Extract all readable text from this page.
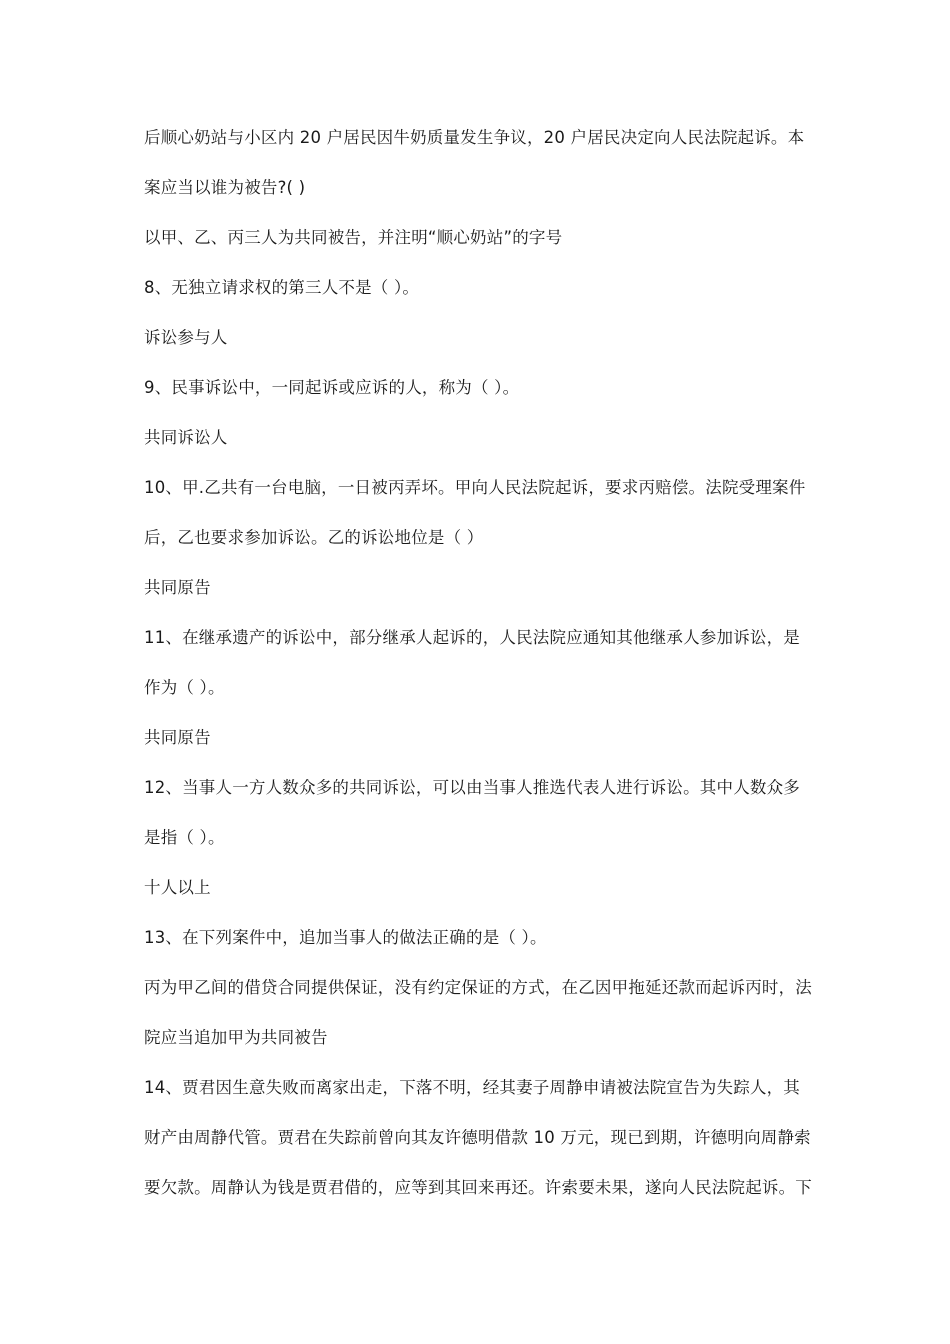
后顺心奶站与小区内 20 户居民因牛奶质量发生争议，20 户居民决定向人民法院起诉。本
案应当以谁为被告?( )
以甲、乙、丙三人为共同被告，并注明“顺心奶站”的字号
8、无独立请求权的第三人不是（ ）。
诉讼参与人
9、民事诉讼中，一同起诉或应诉的人，称为（ ）。
共同诉讼人
10、甲.乙共有一台电脑，一日被丙弄坏。甲向人民法院起诉，要求丙赔偿。法院受理案件
后，乙也要求参加诉讼。乙的诉讼地位是（ ）
共同原告
11、在继承遗产的诉讼中，部分继承人起诉的，人民法院应通知其他继承人参加诉讼，是
作为（ ）。
共同原告
12、当事人一方人数众多的共同诉讼，可以由当事人推选代表人进行诉讼。其中人数众多
是指（ ）。
十人以上
13、在下列案件中，追加当事人的做法正确的是（ ）。
丙为甲乙间的借贷合同提供保证，没有约定保证的方式，在乙因甲拖延还款而起诉丙时，法
院应当追加甲为共同被告
14、贾君因生意失败而离家出走，下落不明，经其妻子周静申请被法院宣告为失踪人，其
财产由周静代管。贾君在失踪前曾向其友许德明借款 10 万元，现已到期，许德明向周静索
要欠款。周静认为钱是贾君借的，应等到其回来再还。许索要未果，遂向人民法院起诉。下
